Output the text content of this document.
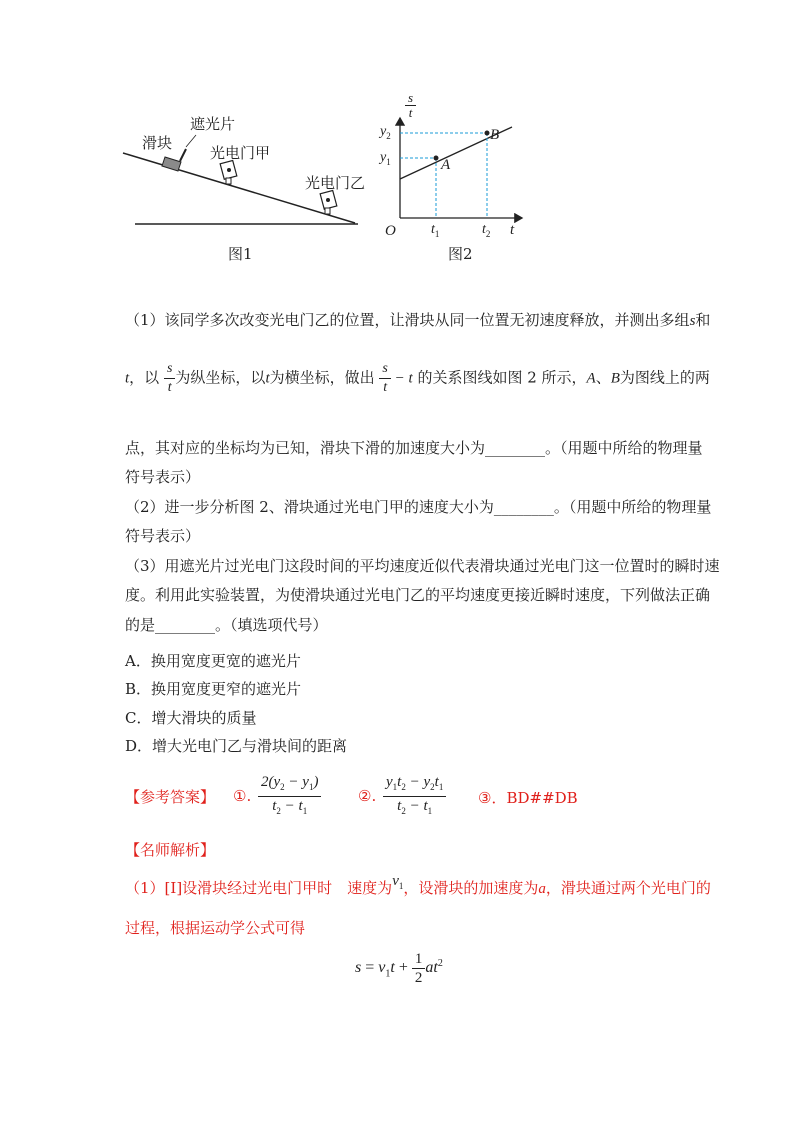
遮光片
滑块
光电门甲
光电门乙
图1
$\frac{s}{t}$
$y_2$
$y_1$	A
B
O	$t_1$	$t_2$ t
图2
（1）该同学多次改变光电门乙的位置，让滑块从同一位置无初速度释放，并测出多组s和
t，以 $\frac{s}{t}$ 为纵坐标，以t为横坐标，做出 $\frac{s}{t} - t$ 的关系图线如图 2 所示，A、B为图线上的两
点，其对应的坐标均为已知，滑块下滑的加速度大小为________。（用题中所给的物理量
符号表示）
（2）进一步分析图 2、滑块通过光电门甲的速度大小为________。（用题中所给的物理量
符号表示）
（3）用遮光片过光电门这段时间的平均速度近似代表滑块通过光电门这一位置时的瞬时速
度。利用此实验装置，为使滑块通过光电门乙的平均速度更接近瞬时速度，下列做法正确
的是________。（填选项代号）
A．换用宽度更宽的遮光片
B．换用宽度更窄的遮光片
C．增大滑块的质量
D．增大光电门乙与滑块间的距离
【参考答案】 ①. $\frac{2(y_2 - y_1)}{t_2 - t_1}$ ②. $\frac{y_1t_2 - y_2t_1}{t_2 - t_1}$ ③．BD##DB
【名师解析】
（1）[I]设滑块经过光电门甲时　速度为$v_1$，设滑块的加速度为a，滑块通过两个光电门的
过程，根据运动学公式可得
$s = v_1t + \frac{1}{2} at^2$
